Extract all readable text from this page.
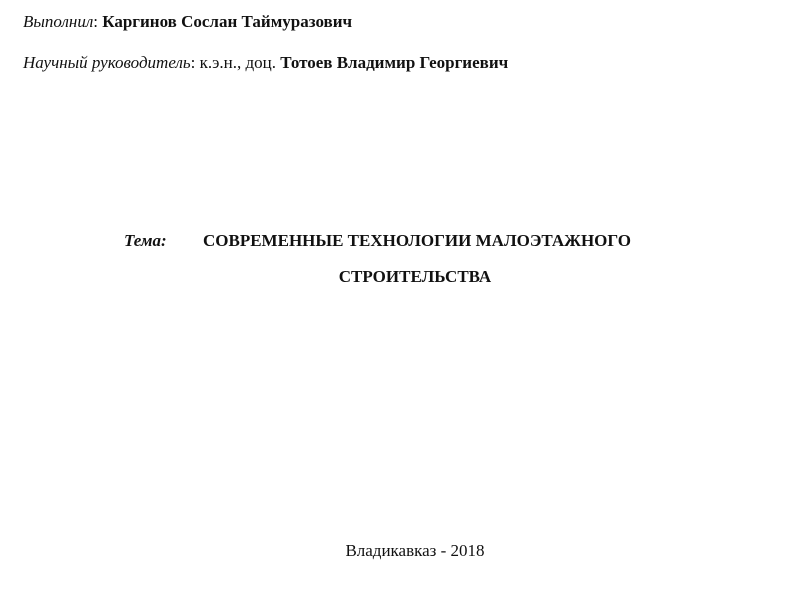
Выполнил: Каргинов Сослан Таймуразович
Научный руководитель: к.э.н., доц. Тотоев Владимир Георгиевич
Тема: СОВРЕМЕННЫЕ ТЕХНОЛОГИИ МАЛОЭТАЖНОГО
СТРОИТЕЛЬСТВА
Владикавказ - 2018
